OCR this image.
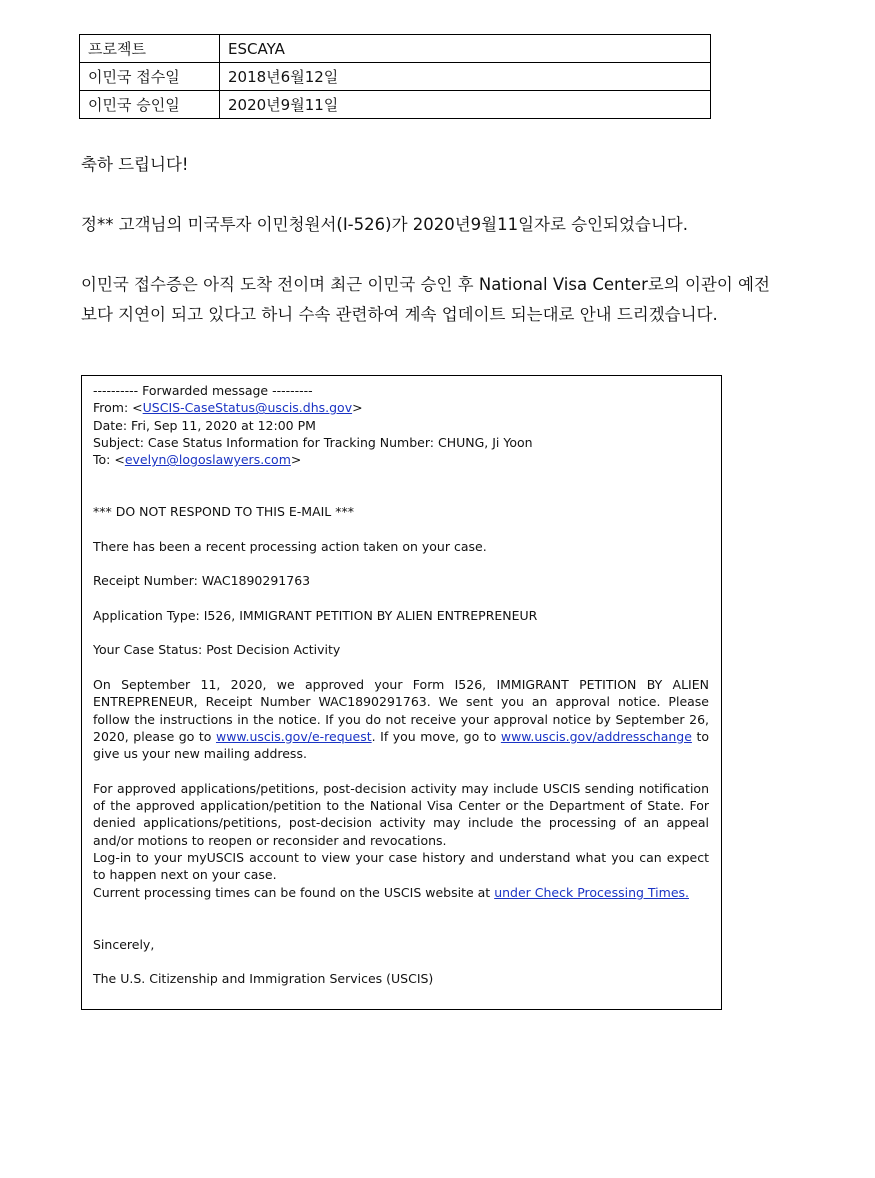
프로젝트	ESCAYA
이민국 접수일	2018년6월12일
이민국 승인일	2020년9월11일

축하 드립니다!

정** 고객님의 미국투자 이민청원서(I-526)가 2020년9월11일자로 승인되었습니다.

이민국 접수증은 아직 도착 전이며 최근 이민국 승인 후 National Visa Center로의 이관이 예전
보다 지연이 되고 있다고 하니 수속 관련하여 계속 업데이트 되는대로 안내 드리겠습니다.

---------- Forwarded message ---------

From: <USCIS-CaseStatus@uscis.dhs.gov>

Date: Fri, Sep 11, 2020 at 12:00 PM

Subject: Case Status Information for Tracking Number: CHUNG, Ji Yoon

To: <evelyn@logoslawyers.com>

*** DO NOT RESPOND TO THIS E-MAIL ***

There has been a recent processing action taken on your case.

Receipt Number: WAC1890291763

Application Type: I526, IMMIGRANT PETITION BY ALIEN ENTREPRENEUR

Your Case Status: Post Decision Activity

On September 11, 2020, we approved your Form I526, IMMIGRANT PETITION BY ALIEN ENTREPRENEUR, Receipt Number WAC1890291763. We sent you an approval notice. Please follow the instructions in the notice. If you do not receive your approval notice by September 26, 2020, please go to www.uscis.gov/e-request. If you move, go to www.uscis.gov/addresschange to give us your new mailing address.

For approved applications/petitions, post-decision activity may include USCIS sending notification of the approved application/petition to the National Visa Center or the Department of State. For denied applications/petitions, post-decision activity may include the processing of an appeal and/or motions to reopen or reconsider and revocations.

Log-in to your myUSCIS account to view your case history and understand what you can expect to happen next on your case.

Current processing times can be found on the USCIS website at under Check Processing Times.

Sincerely,

The U.S. Citizenship and Immigration Services (USCIS)
